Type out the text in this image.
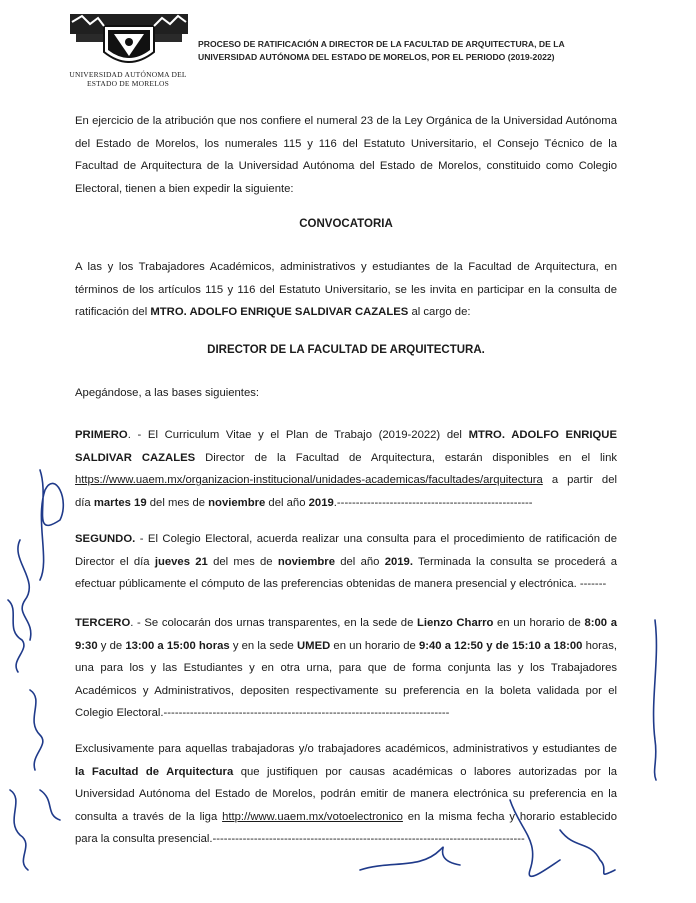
UNIVERSIDAD AUTÓNOMA DEL
ESTADO DE MORELOS
PROCESO DE RATIFICACIÓN A DIRECTOR DE LA FACULTAD DE ARQUITECTURA, DE LA
UNIVERSIDAD AUTÓNOMA DEL ESTADO DE MORELOS, POR EL PERIODO (2019-2022)

En ejercicio de la atribución que nos confiere el numeral 23 de la Ley Orgánica de la Universidad Autónoma del Estado de Morelos, los numerales 115 y 116 del Estatuto Universitario, el Consejo Técnico de la Facultad de Arquitectura de la Universidad Autónoma del Estado de Morelos, constituido como Colegio Electoral, tienen a bien expedir la siguiente:

CONVOCATORIA

A las y los Trabajadores Académicos, administrativos y estudiantes de la Facultad de Arquitectura, en términos de los artículos 115 y 116 del Estatuto Universitario, se les invita en participar en la consulta de ratificación del MTRO. ADOLFO ENRIQUE SALDIVAR CAZALES al cargo de:

DIRECTOR DE LA FACULTAD DE ARQUITECTURA.

Apegándose, a las bases siguientes:

PRIMERO. - El Curriculum Vitae y el Plan de Trabajo (2019-2022) del MTRO. ADOLFO ENRIQUE SALDIVAR CAZALES Director de la Facultad de Arquitectura, estarán disponibles en el link https://www.uaem.mx/organizacion-institucional/unidades-academicas/facultades/arquitectura a partir del día martes 19 del mes de noviembre del año 2019.----------------------------------------------------

SEGUNDO. - El Colegio Electoral, acuerda realizar una consulta para el procedimiento de ratificación de Director el día jueves 21 del mes de noviembre del año 2019. Terminada la consulta se procederá a efectuar públicamente el cómputo de las preferencias obtenidas de manera presencial y electrónica. -------

TERCERO. - Se colocarán dos urnas transparentes, en la sede de Lienzo Charro en un horario de 8:00 a 9:30 y de 13:00 a 15:00 horas y en la sede UMED en un horario de 9:40 a 12:50 y de 15:10 a 18:00 horas, una para los y las Estudiantes y en otra urna, para que de forma conjunta las y los Trabajadores Académicos y Administrativos, depositen respectivamente su preferencia en la boleta validada por el Colegio Electoral.----------------------------------------------------------------------------

Exclusivamente para aquellas trabajadoras y/o trabajadores académicos, administrativos y estudiantes de la Facultad de Arquitectura que justifiquen por causas académicas o labores autorizadas por la Universidad Autónoma del Estado de Morelos, podrán emitir de manera electrónica su preferencia en la consulta a través de la liga http://www.uaem.mx/votoelectronico en la misma fecha y horario establecido para la consulta presencial.-----------------------------------------------------------------------------------
